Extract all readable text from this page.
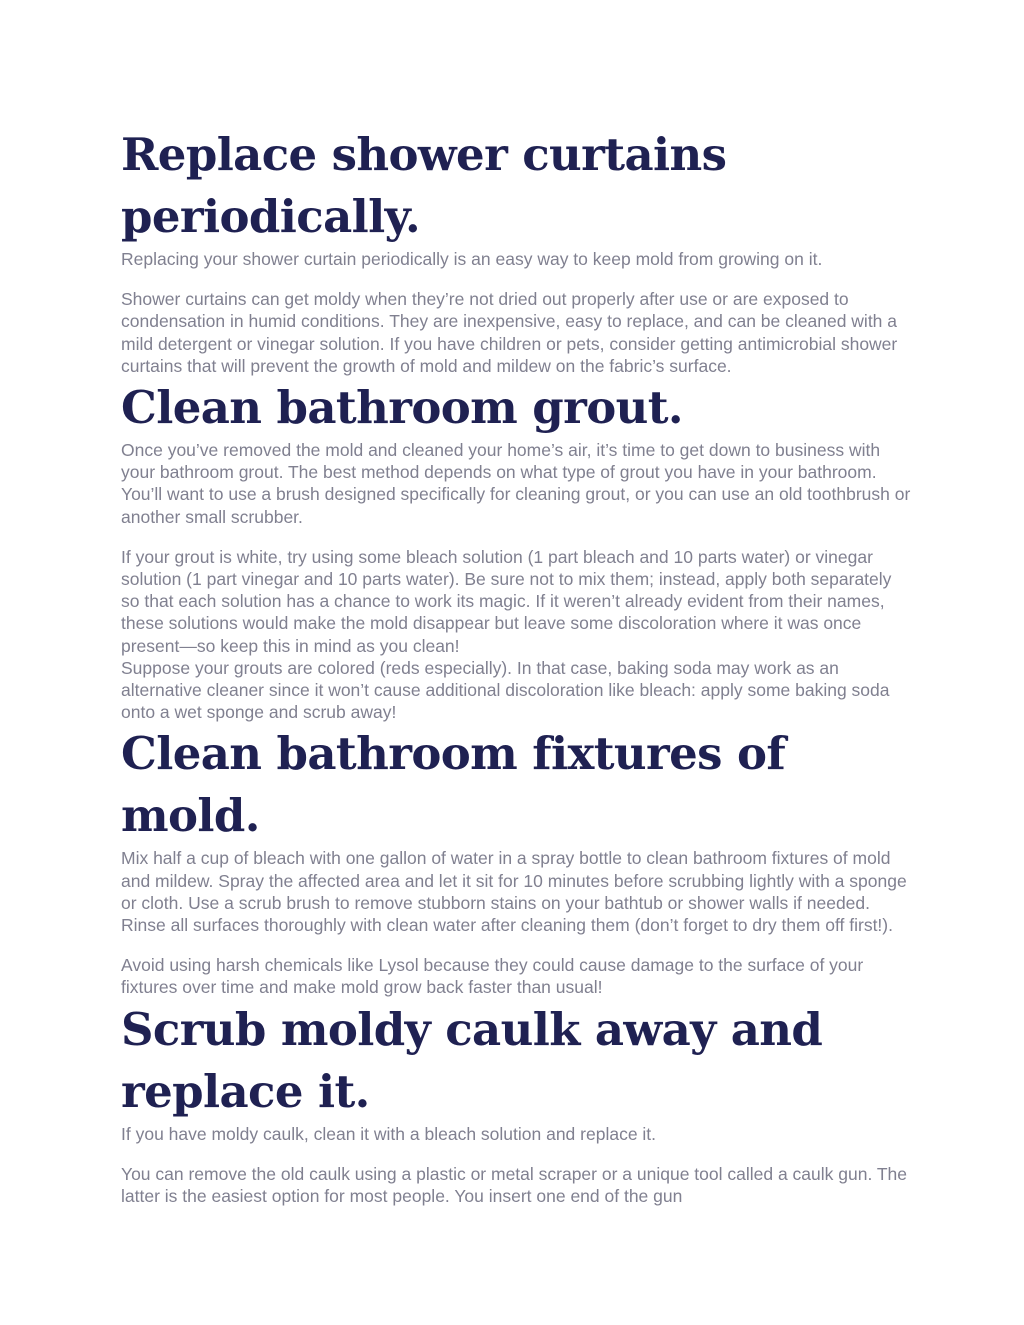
Replace shower curtains periodically.

Replacing your shower curtain periodically is an easy way to keep mold from growing on it.

Shower curtains can get moldy when they’re not dried out properly after use or are exposed to condensation in humid conditions. They are inexpensive, easy to replace, and can be cleaned with a mild detergent or vinegar solution. If you have children or pets, consider getting antimicrobial shower curtains that will prevent the growth of mold and mildew on the fabric’s surface.

Clean bathroom grout.

Once you’ve removed the mold and cleaned your home’s air, it’s time to get down to business with your bathroom grout. The best method depends on what type of grout you have in your bathroom. You’ll want to use a brush designed specifically for cleaning grout, or you can use an old toothbrush or another small scrubber.

If your grout is white, try using some bleach solution (1 part bleach and 10 parts water) or vinegar solution (1 part vinegar and 10 parts water). Be sure not to mix them; instead, apply both separately so that each solution has a chance to work its magic. If it weren’t already evident from their names, these solutions would make the mold disappear but leave some discoloration where it was once present—so keep this in mind as you clean!

Suppose your grouts are colored (reds especially). In that case, baking soda may work as an alternative cleaner since it won’t cause additional discoloration like bleach: apply some baking soda onto a wet sponge and scrub away!

Clean bathroom fixtures of mold.

Mix half a cup of bleach with one gallon of water in a spray bottle to clean bathroom fixtures of mold and mildew. Spray the affected area and let it sit for 10 minutes before scrubbing lightly with a sponge or cloth. Use a scrub brush to remove stubborn stains on your bathtub or shower walls if needed. Rinse all surfaces thoroughly with clean water after cleaning them (don’t forget to dry them off first!).

Avoid using harsh chemicals like Lysol because they could cause damage to the surface of your fixtures over time and make mold grow back faster than usual!

Scrub moldy caulk away and replace it.

If you have moldy caulk, clean it with a bleach solution and replace it.

You can remove the old caulk using a plastic or metal scraper or a unique tool called a caulk gun. The latter is the easiest option for most people. You insert one end of the gun
